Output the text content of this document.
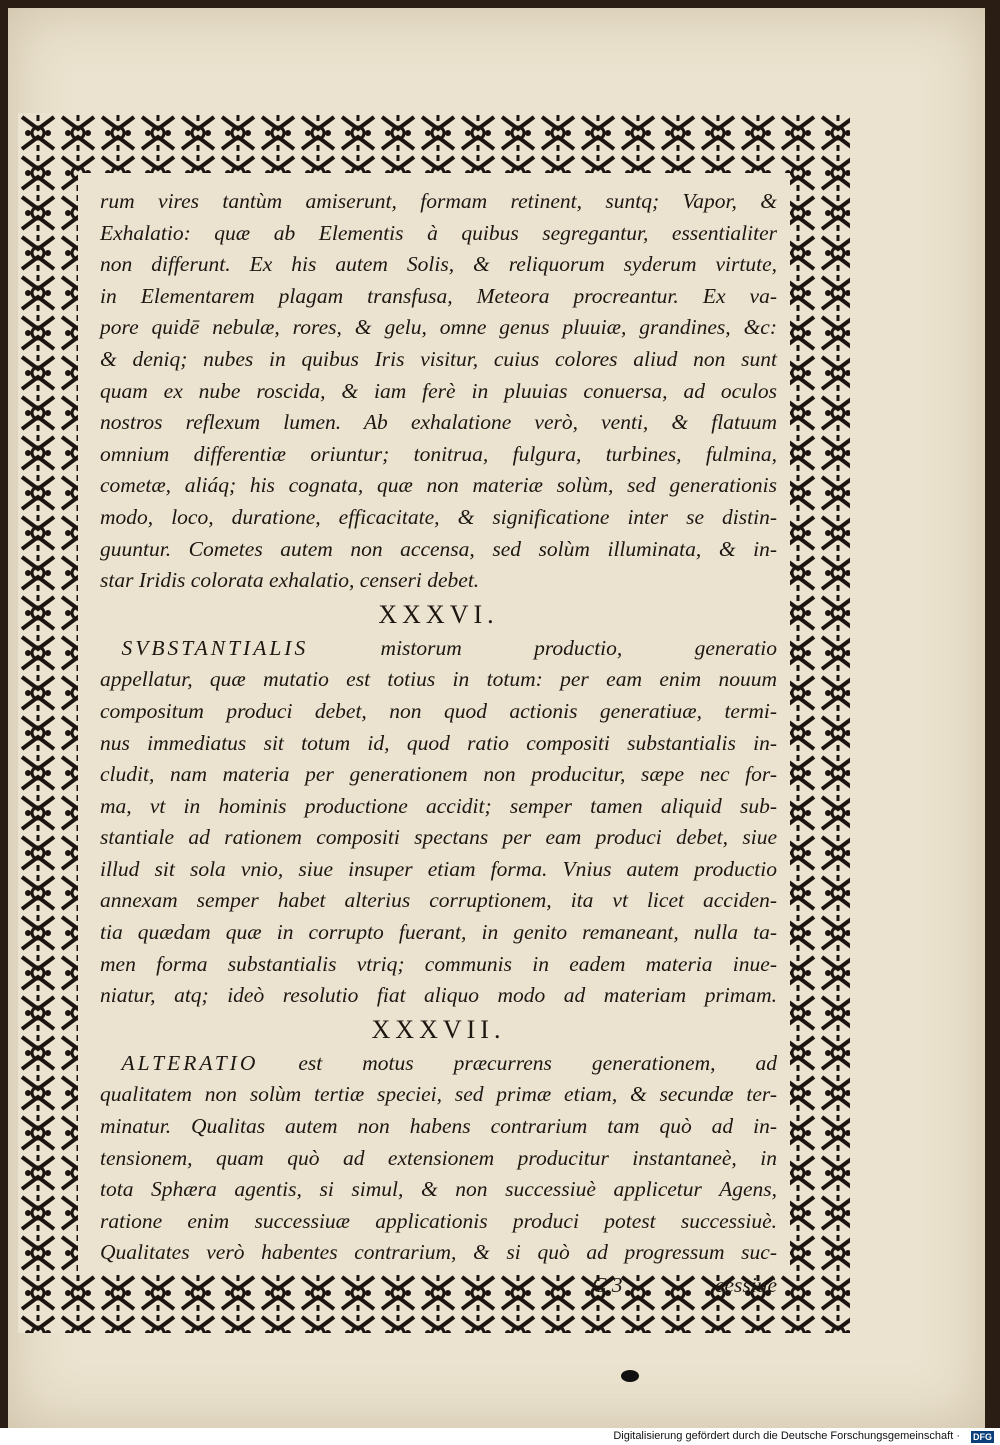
rum vires tantùm amiserunt, formam retinent, suntq; Vapor, &
Exhalatio: quæ ab Elementis à quibus segregantur, essentialiter
non differunt. Ex his autem Solis, & reliquorum syderum virtute,
in Elementarem plagam transfusa, Meteora procreantur. Ex va-
pore quidē nebulæ, rores, & gelu, omne genus pluuiæ, grandines, &c:
& deniq; nubes in quibus Iris visitur, cuius colores aliud non sunt
quam ex nube roscida, & iam ferè in pluuias conuersa, ad oculos
nostros reflexum lumen. Ab exhalatione verò, venti, & flatuum
omnium differentiæ oriuntur; tonitrua, fulgura, turbines, fulmina,
cometæ, aliáq; his cognata, quæ non materiæ solùm, sed generationis
modo, loco, duratione, efficacitate, & significatione inter se distin-
guuntur. Cometes autem non accensa, sed solùm illuminata, & in-
star Iridis colorata exhalatio, censeri debet.
XXXVI.
 SVBSTANTIALIS	mistorum productio, generatio
appellatur, quæ mutatio est totius in totum: per eam enim nouum
compositum produci debet, non quod actionis generatiuæ, termi-
nus immediatus sit totum id, quod ratio compositi substantialis in-
cludit, nam materia per generationem non producitur, sæpe nec for-
ma, vt in hominis productione accidit; semper tamen aliquid sub-
stantiale ad rationem compositi spectans per eam produci debet, siue
illud sit sola vnio, siue insuper etiam forma. Vnius autem productio
annexam semper habet alterius corruptionem, ita vt licet acciden-
tia quædam quæ in corrupto fuerant, in genito remaneant, nulla ta-
men forma substantialis vtriq; communis in eadem materia inue-
niatur, atq; ideò resolutio fiat aliquo modo ad materiam primam.
XXXVII.
 ALTERATIO est motus præcurrens generationem, ad
qualitatem non solùm tertiæ speciei, sed primæ etiam, & secundæ ter-
minatur. Qualitas autem non habens contrarium tam quò ad in-
tensionem, quam quò ad extensionem producitur instantaneè, in
tota Sphæra agentis, si simul, & non successiuè applicetur Agens,
ratione enim successiuæ applicationis produci potest successiuè.
Qualitates verò habentes contrarium, & si quò ad progressum suc-
C 3	cessiuè
Digitalisierung gefördert durch die Deutsche Forschungsgemeinschaft · DFG
